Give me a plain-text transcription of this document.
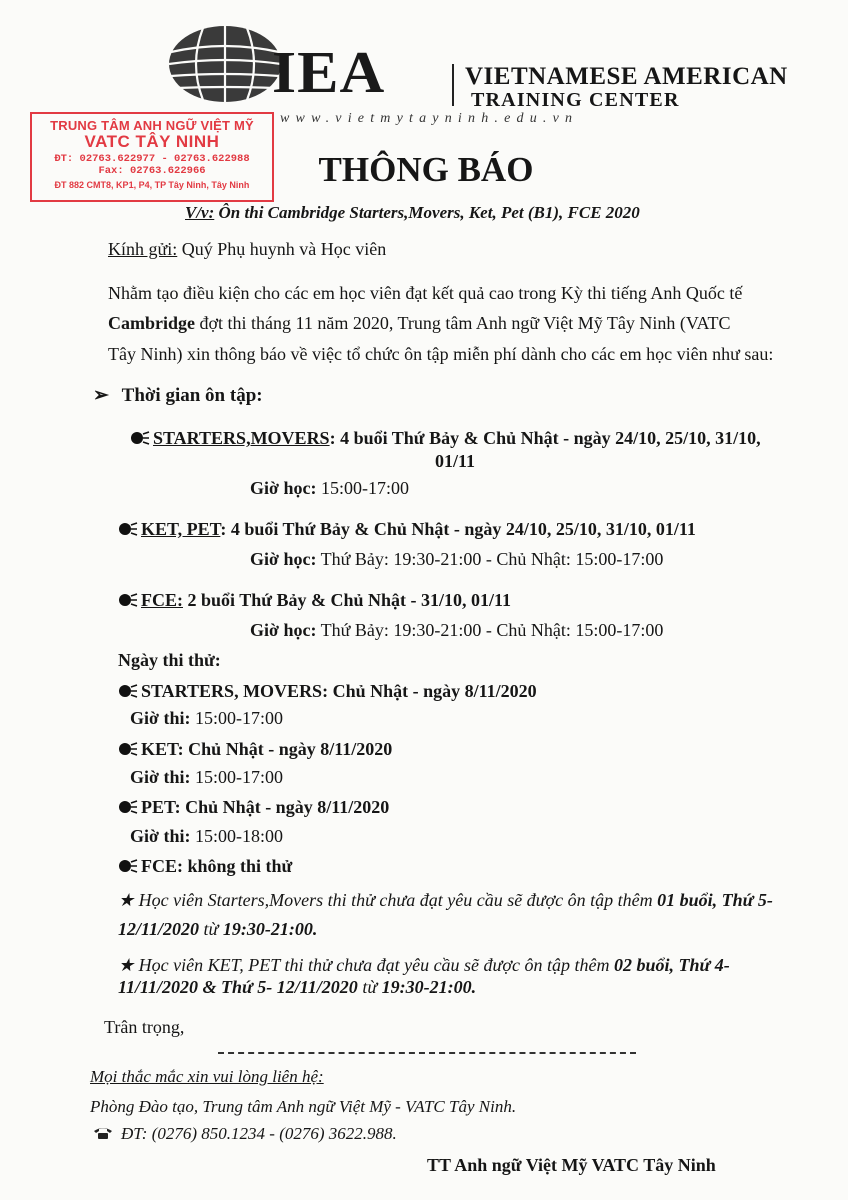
IEA	VIETNAMESE AMERICAN
TRAINING CENTER
www.vietmytayninh.edu.vn
TRUNG TÂM ANH NGỮ VIỆT MỸ
VATC TÂY NINH
ĐT: 02763.622977 - 02763.622988
Fax: 02763.622966
ĐT 882 CMT8, KP1, P4, TP Tây Ninh, Tây Ninh	THÔNG BÁO
V/v: Ôn thi Cambridge Starters,Movers, Ket, Pet (B1), FCE 2020
Kính gửi: Quý Phụ huynh và Học viên
Nhằm tạo điều kiện cho các em học viên đạt kết quả cao trong Kỳ thi tiếng Anh Quốc tế
Cambridge đợt thi tháng 11 năm 2020, Trung tâm Anh ngữ Việt Mỹ Tây Ninh (VATC
Tây Ninh) xin thông báo về việc tổ chức ôn tập miễn phí dành cho các em học viên như sau:
➢ Thời gian ôn tập:
STARTERS,MOVERS: 4 buổi Thứ Bảy & Chủ Nhật - ngày 24/10, 25/10, 31/10,
01/11
Giờ học: 15:00-17:00
KET, PET: 4 buổi Thứ Bảy & Chủ Nhật - ngày 24/10, 25/10, 31/10, 01/11
Giờ học: Thứ Bảy: 19:30-21:00 - Chủ Nhật: 15:00-17:00
FCE: 2 buổi Thứ Bảy & Chủ Nhật - 31/10, 01/11
Giờ học: Thứ Bảy: 19:30-21:00 - Chủ Nhật: 15:00-17:00
Ngày thi thử:
STARTERS, MOVERS: Chủ Nhật - ngày 8/11/2020
Giờ thi: 15:00-17:00
KET: Chủ Nhật - ngày 8/11/2020
Giờ thi: 15:00-17:00
PET: Chủ Nhật - ngày 8/11/2020
Giờ thi: 15:00-18:00
FCE: không thi thử
★ Học viên Starters,Movers thi thử chưa đạt yêu cầu sẽ được ôn tập thêm 01 buổi, Thứ 5-
12/11/2020 từ 19:30-21:00.
★ Học viên KET, PET thi thử chưa đạt yêu cầu sẽ được ôn tập thêm 02 buổi, Thứ 4-
11/11/2020 & Thứ 5- 12/11/2020 từ 19:30-21:00.
Trân trọng,
Mọi thắc mắc xin vui lòng liên hệ:
Phòng Đào tạo, Trung tâm Anh ngữ Việt Mỹ - VATC Tây Ninh.
ĐT: (0276) 850.1234 - (0276) 3622.988.
TT Anh ngữ Việt Mỹ VATC Tây Ninh
